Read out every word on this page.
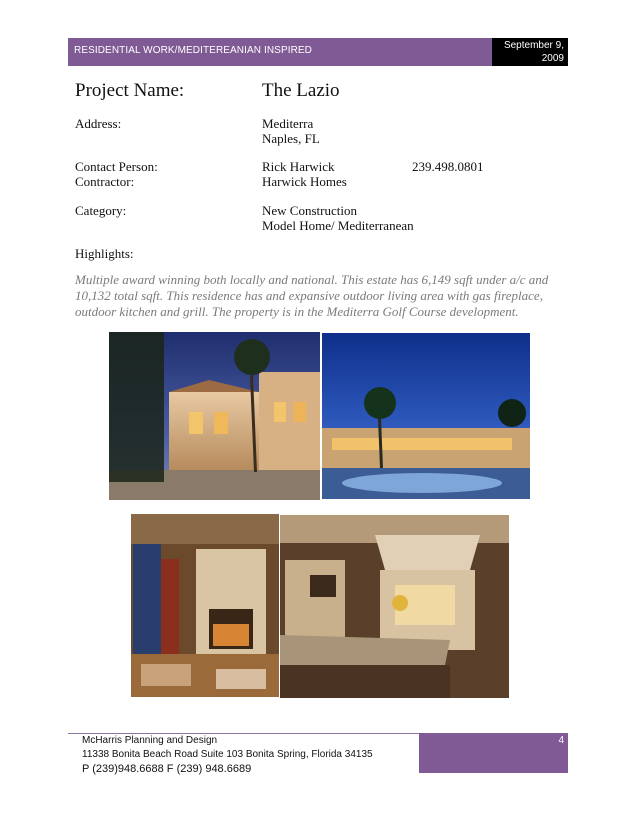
RESIDENTIAL WORK/MEDITEREANIAN INSPIRED	September 9,
2009
Project Name:	The Lazio
Address:	Mediterra
Naples, FL
Contact Person:	Rick Harwick	239.498.0801
Contractor:	Harwick Homes
Category:	New Construction
Model Home/ Mediterranean
Highlights:
Multiple award winning both locally and national. This estate has 6,149 sqft under a/c and 10,132 total sqft. This residence has and expansive outdoor living area with gas fireplace, outdoor kitchen and grill. The property is in the Mediterra Golf Course development.
4
McHarris Planning and Design
11338 Bonita Beach Road Suite 103 Bonita Spring, Florida 34135
P (239)948.6688 F (239) 948.6689
